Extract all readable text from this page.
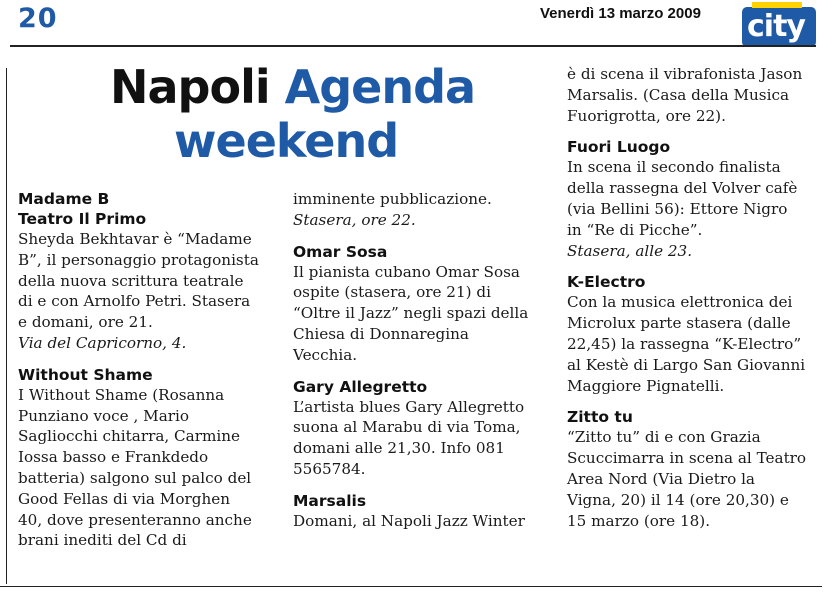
20	Venerdì 13 marzo 2009 city
Napoli Agenda
weekend
Madame B
Teatro Il Primo
Sheyda Bekhtavar è “Madame
B”, il personaggio protagonista
della nuova scrittura teatrale
di e con Arnolfo Petri. Stasera
e domani, ore 21.
Via del Capricorno, 4.
Without Shame
I Without Shame (Rosanna
Punziano voce , Mario
Sagliocchi chitarra, Carmine
Iossa basso e Frankdedo
batteria) salgono sul palco del
Good Fellas di via Morghen
40, dove presenteranno anche
brani inediti del Cd di
imminente pubblicazione.
Stasera, ore 22.
Omar Sosa
Il pianista cubano Omar Sosa
ospite (stasera, ore 21) di
“Oltre il Jazz” negli spazi della
Chiesa di Donnaregina
Vecchia.
Gary Allegretto
L’artista blues Gary Allegretto
suona al Marabu di via Toma,
domani alle 21,30. Info 081
5565784.
Marsalis
Domani, al Napoli Jazz Winter
è di scena il vibrafonista Jason
Marsalis. (Casa della Musica
Fuorigrotta, ore 22).
Fuori Luogo
In scena il secondo finalista
della rassegna del Volver cafè
(via Bellini 56): Ettore Nigro
in “Re di Picche”.
Stasera, alle 23.
K-Electro
Con la musica elettronica dei
Microlux parte stasera (dalle
22,45) la rassegna “K-Electro”
al Kestè di Largo San Giovanni
Maggiore Pignatelli.
Zitto tu
“Zitto tu” di e con Grazia
Scuccimarra in scena al Teatro
Area Nord (Via Dietro la
Vigna, 20) il 14 (ore 20,30) e
15 marzo (ore 18).
